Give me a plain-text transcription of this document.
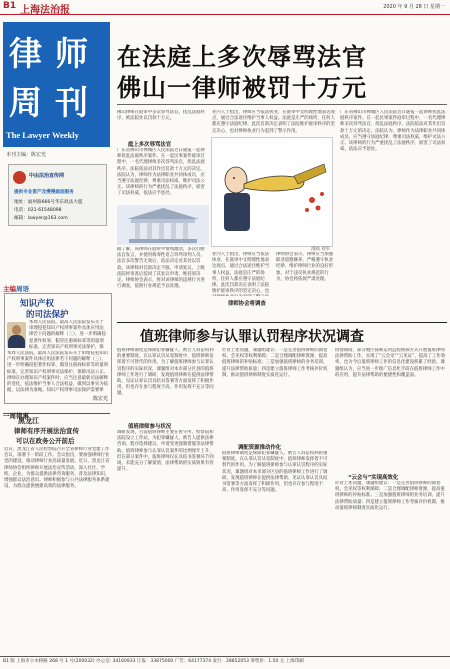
B1 上海法治报	2020 年 9 月 28 日 星期一
律 师
周 刊
The Lawyer Weekly
本刊主编：陈宏光
中由法治宣传网
提供专业资产及慢慢画面服务
地址：福州路666号华东政法大厦
电话：021-61548098
邮箱：lawyer@163.com
主编周语
知识产权
的司法保护
本周人民法院，最高人民法院发布关于审理侵犯知识产权刑事案件具体应用法律若干问题的解释（三），进一步明确侵犯著作权罪、假冒注册商标罪等的量刑标准，完善知识产权刑事司法保护，保
本周人民法院，最高人民法院发布关于审理侵犯知识产权刑事案件具体应用法律若干问题的解释（三），进一步明确侵犯著作权罪、假冒注册商标罪等的量刑标准，完善知识产权刑事司法保护，保障司法公正。律师在办理知识产权案件时，应当注意最新司法解释的变化，依法维护当事人合法权益，做到以事实为依据，以法律为准绳。知识产权刑事司法保护需要律
陈宏光
一周律事
黑龙江
律师有序开展法治宣传
可以在政务公开前后
近日，黑龙江省人民检察院召开全省律师行业党建工作会议，部署下一阶段工作。会议指出，要加强律师行业党的建设，推动律师行业高质量发展。近日，黑龙江省律师协会组织律师开展法治宣传活动，深入社区、学校、企业，为群众提供法律咨询服务，普及法律知识，增强群众法治意识。律师积极参与公共法律服务体系建设，为群众提供便捷高效的法律服务。
在法庭上多次辱骂法官
佛山一律师被罚十万元
佛山律师在庭审中多次辱骂法官，扰乱法庭秩序，被法院处以罚款十万元。
庭上多次辱骂法官
广东省佛山市禅城区人民法院近日通报一起律师扰乱法庭秩序案件。在一起民事案件庭审过程中，一名代理律师多次辱骂法官，扰乱法庭秩序。法院依法对其作出罚款十万元的决定。法院认为，律师作为法律职业共同体成员，应当遵守法庭纪律，尊重司法权威，维护司法公正。该律师的行为严重扰乱了法庭秩序，损害了司法权威，依法应予惩处。
据了解，该律师在庭审中情绪激动，多次打断法官发言，并使用侮辱性语言辱骂审判人员。法官多次警告无效后，依法决定对其处以罚款。该律师对罚款决定不服，申请复议，上级法院经审查后驳回了其复议申请，维持原决定。律师协会表示，将对该律师的违规行为进行调查，依照行业规范予以处理。
漫画 刘军
业内人士指出，律师应当依法执业，在庭审中文明理性地表达观点，通过合法途径维护当事人权益。法庭是庄严的场所，任何人都应遵守法庭纪律。此次罚款决定表明了法院维护庭审秩序的坚定决心，也
律师协会将调查
律师协会表示，律师应当加强职业道德修养，严格遵守执业纪律，维护律师行业的良好形象。对于违反执业规范的行为，协会将依规严肃处理。
广东省佛山市禅城区人民法院近日通报一起律师扰乱法庭秩序案件。在一起民事案件庭审过程中，一名代理律师多次辱骂法官，扰乱法庭秩序。法院依法对其作出罚款十万元的决定。法院认为，律师作为法律职业共同体成员，应当遵守法庭纪律，尊重司法权威，维护司法公正。该律师的行为严重扰乱了法庭秩序，损害了司法权威，依法应予惩处。
业内人士指出，律师应当依法执业，在庭审中文明理性地表达观点，通过合法途径维护当事人权益。法庭是庄严的场所，任何人都应遵守法庭纪律。此次罚款决定表明了法院维护庭审秩序的坚定决心，也对律师执业行为起到了警示作用。
值班律师参与认罪认罚程序状况调查
值班律师制度是保障犯罪嫌疑人、被告人诉讼权利的重要制度。在认罪认罚从宽制度中，值班律师发挥着不可替代的作用。为了解值班律师参与认罪认罚程序的实际状况，课题组对本市部分区县的值班律师工作进行了调研，发现值班律师在提供法律帮助、见证认罪认罚具结书签署等方面发挥了积极作用，但也存在参与程度不高、作用发挥不充分等问题。
值班律师参与状况
调研发现，目前值班律师主要在看守所、检察院和法院设立工作站，为犯罪嫌疑人、被告人提供法律咨询、程序选择建议、申请变更强制措施等法律帮助。值班律师参与认罪认罚案件的比例逐年上升，但在部分案件中，值班律师仅在具结书签署环节到场，未能充分了解案情，法律帮助的实质效果有待提升。
针对上述问题，课题组建议：一是完善值班律师的阅卷权、会见权等权利保障；二是合理调配律师资源，提高值班律师的补贴标准；三是加强值班律师的业务培训，提升法律帮助质量；四是建立值班律师工作考核评价机制，推动值班律师制度实质化运行。
调配资源推动作化
值班律师制度是保障犯罪嫌疑人、被告人诉讼权利的重要制度。在认罪认罚从宽制度中，值班律师发挥着不可替代的作用。为了解值班律师参与认罪认罚程序的实际状况，课题组对本市部分区县的值班律师工作进行了调研，发现值班律师在提供法律帮助、见证认罪认罚具结书签署等方面发挥了积极作用，但也存在参与程度不高、作用发挥不充分等问题。
疫情期间，部分地区探索运用远程视频方式开展值班律师法律帮助工作，实现了“云会见”“云见证”，提高了工作效率，也为今后值班律师工作的信息化建设积累了经验。课题组认为，应当进一步推广信息化手段在值班律师工作中的应用，提升法律帮助的便捷性和覆盖面。
“云会与”实现高效化
针对上述问题，课题组建议：一是完善值班律师的阅卷权、会见权等权利保障；二是合理调配律师资源，提高值班律师的补贴标准；三是加强值班律师的业务培训，提升法律帮助质量；四是建立值班律师工作考核评价机制，推动值班律师制度实质化运行。
B1 版 上海市小木桥路 268 号 1 号(200032) 办公室: 34160933 订报：33875000 广告：64177374 发行：28852053 零售价：1.50 元 上海印刷
